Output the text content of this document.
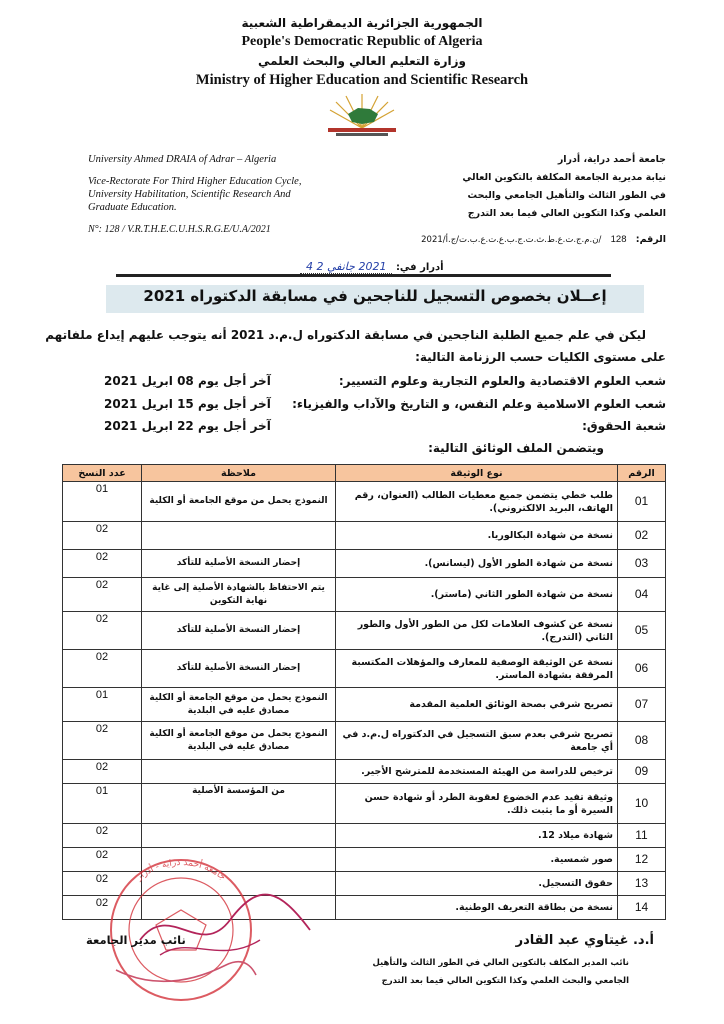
الجمهورية الجزائرية الديمقراطية الشعبية
People's Democratic Republic of Algeria
وزارة التعليم العالي والبحث العلمي
Ministry of Higher Education and Scientific Research
University Ahmed DRAIA of Adrar – Algeria
Vice-Rectorate For Third Higher Education Cycle,
University Habilitation, Scientific Research And
Graduate Education.
N°: 128 / V.R.T.H.E.C.U.H.S.R.G.E/U.A/2021
جامعة أحمد دراية، أدرار
نيابة مديرية الجامعة المكلفة بالتكوين العالي
في الطور الثالث والتأهيل الجامعي والبحث
العلمي وكذا التكوين العالي فيما بعد التدرج
الرقم: 128 /ن.م.ج.ت.ع.ط.ث.ت.ج.ب.ع.ت.ع.ب.ت/ج.أ/2021
أدرار في: 2021 جانفي 2 4
إعــلان بخصوص التسجيل للناجحين في مسابقة الدكتوراه 2021
ليكن في علم جميع الطلبة الناجحين في مسابقة الدكتوراه ل.م.د 2021 أنه يتوجب عليهم إيداع ملفاتهم
على مستوى الكليات حسب الرزنامة التالية:
شعب العلوم الاقتصادية والعلوم التجارية وعلوم التسيير:
آخر أجل يوم 08 ابريل 2021
شعب العلوم الاسلامية وعلم النفس، و التاريخ والآداب والفيزياء:
آخر أجل يوم 15 ابريل 2021
شعبة الحقوق:
آخر أجل يوم 22 ابريل 2021
ويتضمن الملف الوثائق التالية:
الرقم	نوع الوثيقة	ملاحظة	عدد النسخ
01	طلب خطي يتضمن جميع معطيات الطالب (العنوان، رقم الهاتف، البريد الالكتروني).	النموذج يحمل من موقع الجامعة أو الكلية	01
02	نسخة من شهادة البكالوريا.		02
03	نسخة من شهادة الطور الأول (ليسانس).	إحضار النسخة الأصلية للتأكد	02
04	نسخة من شهادة الطور الثاني (ماستر).	يتم الاحتفاظ بالشهادة الأصلية إلى غاية نهاية التكوين	02
05	نسخة عن كشوف العلامات لكل من الطور الأول والطور الثاني (التدرج).	إحضار النسخة الأصلية للتأكد	02
06	نسخة عن الوثيقة الوصفية للمعارف والمؤهلات المكتسبة المرفقة بشهادة الماستر.	إحضار النسخة الأصلية للتأكد	02
07	تصريح شرفي بصحة الوثائق العلمية المقدمة	النموذج يحمل من موقع الجامعة أو الكلية مصادق عليه في البلدية	01
08	تصريح شرفي بعدم سبق التسجيل في الدكتوراه ل.م.د في أي جامعة	النموذج يحمل من موقع الجامعة أو الكلية مصادق عليه في البلدية	02
09	ترخيص للدراسة من الهيئة المستخدمة للمترشح الأجير.		02
10	وثيقة تفيد عدم الخضوع لعقوبة الطرد أو شهادة حسن السيرة أو ما يثبت ذلك.	من المؤسسة الأصلية	01
11	شهادة ميلاد 12.		02
12	صور شمسية.		02
13	حقوق التسجيل.		02
14	نسخة من بطاقة التعريف الوطنية.		02
جامعة أحمد دراية - أدرار
أ.د. غيتاوي عبد القادر
نائب مدير الجامعة
نائب المدير المكلف بالتكوين العالي في الطور الثالث والتأهيل
الجامعي والبحث العلمي وكذا التكوين العالي فيما بعد التدرج
